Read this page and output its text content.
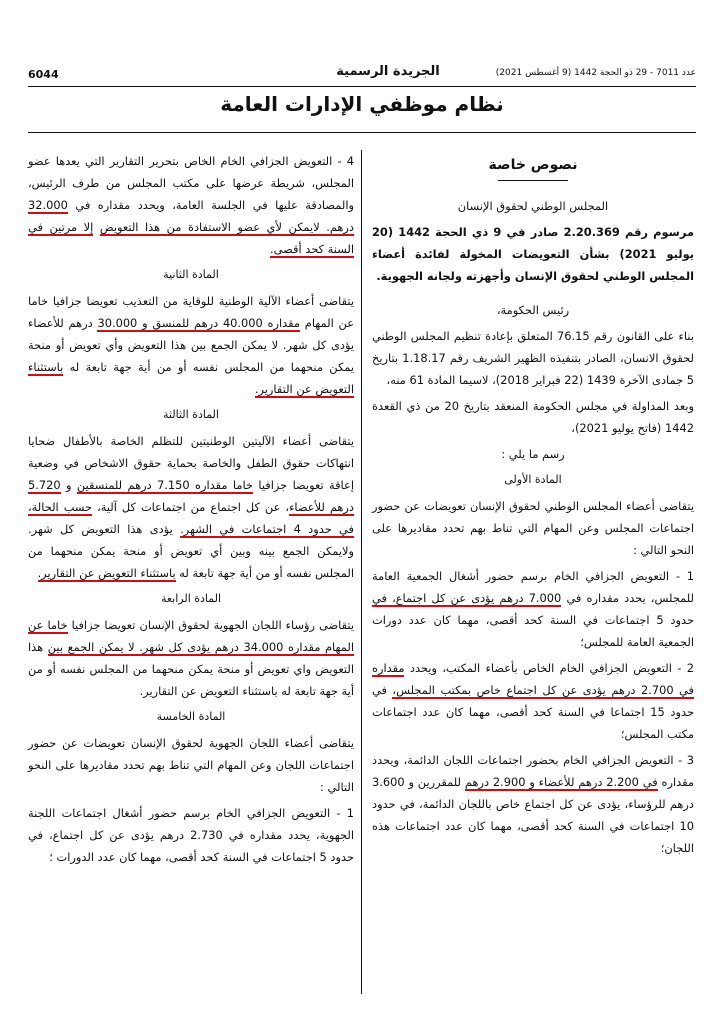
6044	الجريدة الرسمية	عدد 7011 - 29 ذو الحجة 1442 (9 أغسطس 2021)
نظام موظفي الإدارات العامة
نصوص خاصة

المجلس الوطني لحقوق الإنسان

مرسوم رقم 2.20.369 صادر في 9 ذي الحجة 1442 (20 يوليو 2021) بشأن التعويضات المخولة لفائدة أعضاء المجلس الوطني لحقوق الإنسان وأجهزته ولجانه الجهوية.

رئيس الحكومة،

بناء على القانون رقم 76.15 المتعلق بإعادة تنظيم المجلس الوطني لحقوق الانسان، الصادر بتنفيذه الظهير الشريف رقم 1.18.17 بتاريخ 5 جمادى الآخرة 1439 (22 فبراير 2018)، لاسيما المادة 61 منه،

وبعد المداولة في مجلس الحكومة المنعقد بتاريخ 20 من ذي القعدة 1442 (فاتح يوليو 2021)،

رسم ما يلي :

المادة الأولى

يتقاضى أعضاء المجلس الوطني لحقوق الإنسان تعويضات عن حضور اجتماعات المجلس وعن المهام التي تناط بهم تحدد مقاديرها على النحو التالي :

1 - التعويض الجزافي الخام برسم حضور أشغال الجمعية العامة للمجلس، يحدد مقداره في 7.000 درهم يؤدى عن كل اجتماع، في حدود 5 اجتماعات في السنة كحد أقصى، مهما كان عدد دورات الجمعية العامة للمجلس؛

2 - التعويض الجزافي الخام الخاص بأعضاء المكتب، ويحدد مقداره في 2.700 درهم يؤدى عن كل اجتماع خاص بمكتب المجلس، في حدود 15 اجتماعا في السنة كحد أقصى، مهما كان عدد اجتماعات مكتب المجلس؛

3 - التعويض الجزافي الخام بحضور اجتماعات اللجان الدائمة، ويحدد مقداره في 2.200 درهم للأعضاء و 2.900 درهم للمقررين و 3.600 درهم للرؤساء، يؤدى عن كل اجتماع خاص باللجان الدائمة، في حدود 10 اجتماعات في السنة كحد أقصى، مهما كان عدد اجتماعات هذه اللجان؛

4 - التعويض الجزافي الخام الخاص بتحرير التقارير التي يعدها عضو المجلس، شريطة عرضها على مكتب المجلس من طرف الرئيس، والمصادقة عليها في الجلسة العامة، ويحدد مقداره في 32.000 درهم. لايمكن لأي عضو الاستفادة من هذا التعويض إلا مرتين في السنة كحد أقصى.

المادة الثانية

يتقاضى أعضاء الآلية الوطنية للوقاية من التعذيب تعويضا جزافيا خاما عن المهام مقداره 40.000 درهم للمنسق و 30.000 درهم للأعضاء يؤدى كل شهر. لا يمكن الجمع بين هذا التعويض وأي تعويض أو منحة يمكن منحهما من المجلس نفسه أو من أية جهة تابعة له باستثناء التعويض عن التقارير.

المادة الثالثة

يتقاضى أعضاء الآليتين الوطنيتين للتظلم الخاصة بالأطفال ضحايا انتهاكات حقوق الطفل والخاصة بحماية حقوق الاشخاص في وضعية إعاقة تعويضا جزافيا خاما مقداره 7.150 درهم للمنسقين و 5.720 درهم للأعضاء، عن كل اجتماع من اجتماعات كل آلية، حسب الحالة، في حدود 4 اجتماعات في الشهر. يؤدى هذا التعويض كل شهر. ولايمكن الجمع بينه وبين أي تعويض أو منحة يمكن منحهما من المجلس نفسه أو من أية جهة تابعة له باستثناء التعويض عن التقارير.

المادة الرابعة

يتقاضى رؤساء اللجان الجهوية لحقوق الإنسان تعويضا جزافيا خاما عن المهام مقداره 34.000 درهم يؤدى كل شهر. لا يمكن الجمع بين هذا التعويض واي تعويض أو منحة يمكن منحهما من المجلس نفسه أو من أية جهة تابعة له باستثناء التعويض عن التقارير.

المادة الخامسة

يتقاضى أعضاء اللجان الجهوية لحقوق الإنسان تعويضات عن حضور اجتماعات اللجان وعن المهام التي تناط بهم تحدد مقاديرها على النحو التالي :

1 - التعويض الجزافي الخام برسم حضور أشغال اجتماعات اللجنة الجهوية، يحدد مقداره في 2.730 درهم يؤدى عن كل اجتماع، في حدود 5 اجتماعات في السنة كحد أقصى، مهما كان عدد الدورات ؛
